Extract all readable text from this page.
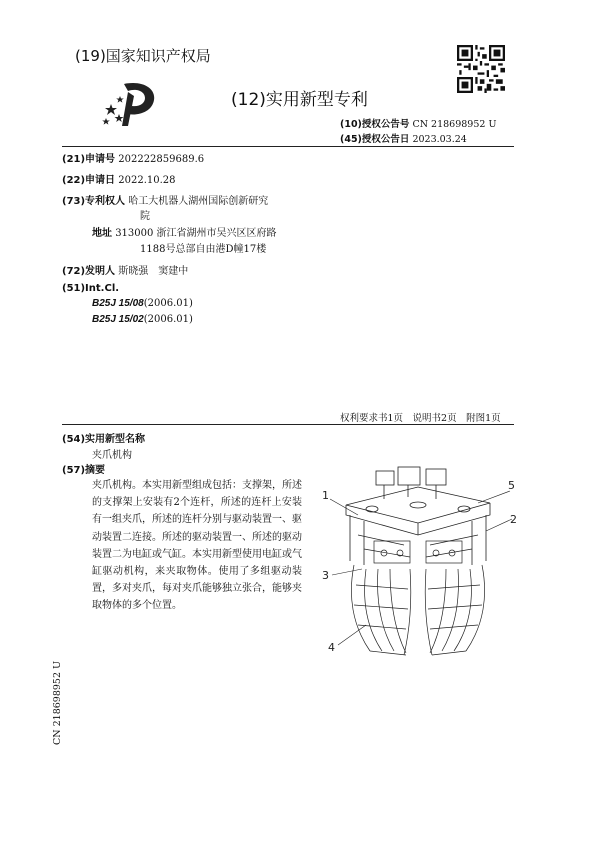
(19)国家知识产权局
(12)实用新型专利
(10)授权公告号 CN 218698952 U
(45)授权公告日 2023.03.24
(21)申请号 202222859689.6
(22)申请日 2022.10.28
(73)专利权人 哈工大机器人湖州国际创新研究
院
地址 313000 浙江省湖州市吴兴区区府路
1188号总部自由港D幢17楼
(72)发明人 斯晓强　窦建中
(51)Int.Cl.
B25J 15/08(2006.01)
B25J 15/02(2006.01)
权利要求书1页　说明书2页　附图1页
(54)实用新型名称
夹爪机构
(57)摘要
夹爪机构。本实用新型组成包括：支撑架，所述的支撑架上安装有2个连杆，所述的连杆上安装有一组夹爪，所述的连杆分别与驱动装置一、驱动装置二连接。所述的驱动装置一、所述的驱动装置二为电缸或气缸。本实用新型使用电缸或气缸驱动机构，来夹取物体。使用了多组驱动装置，多对夹爪，每对夹爪能够独立张合，能够夹取物体的多个位置。
1
2
3
4
5
CN 218698952 U
